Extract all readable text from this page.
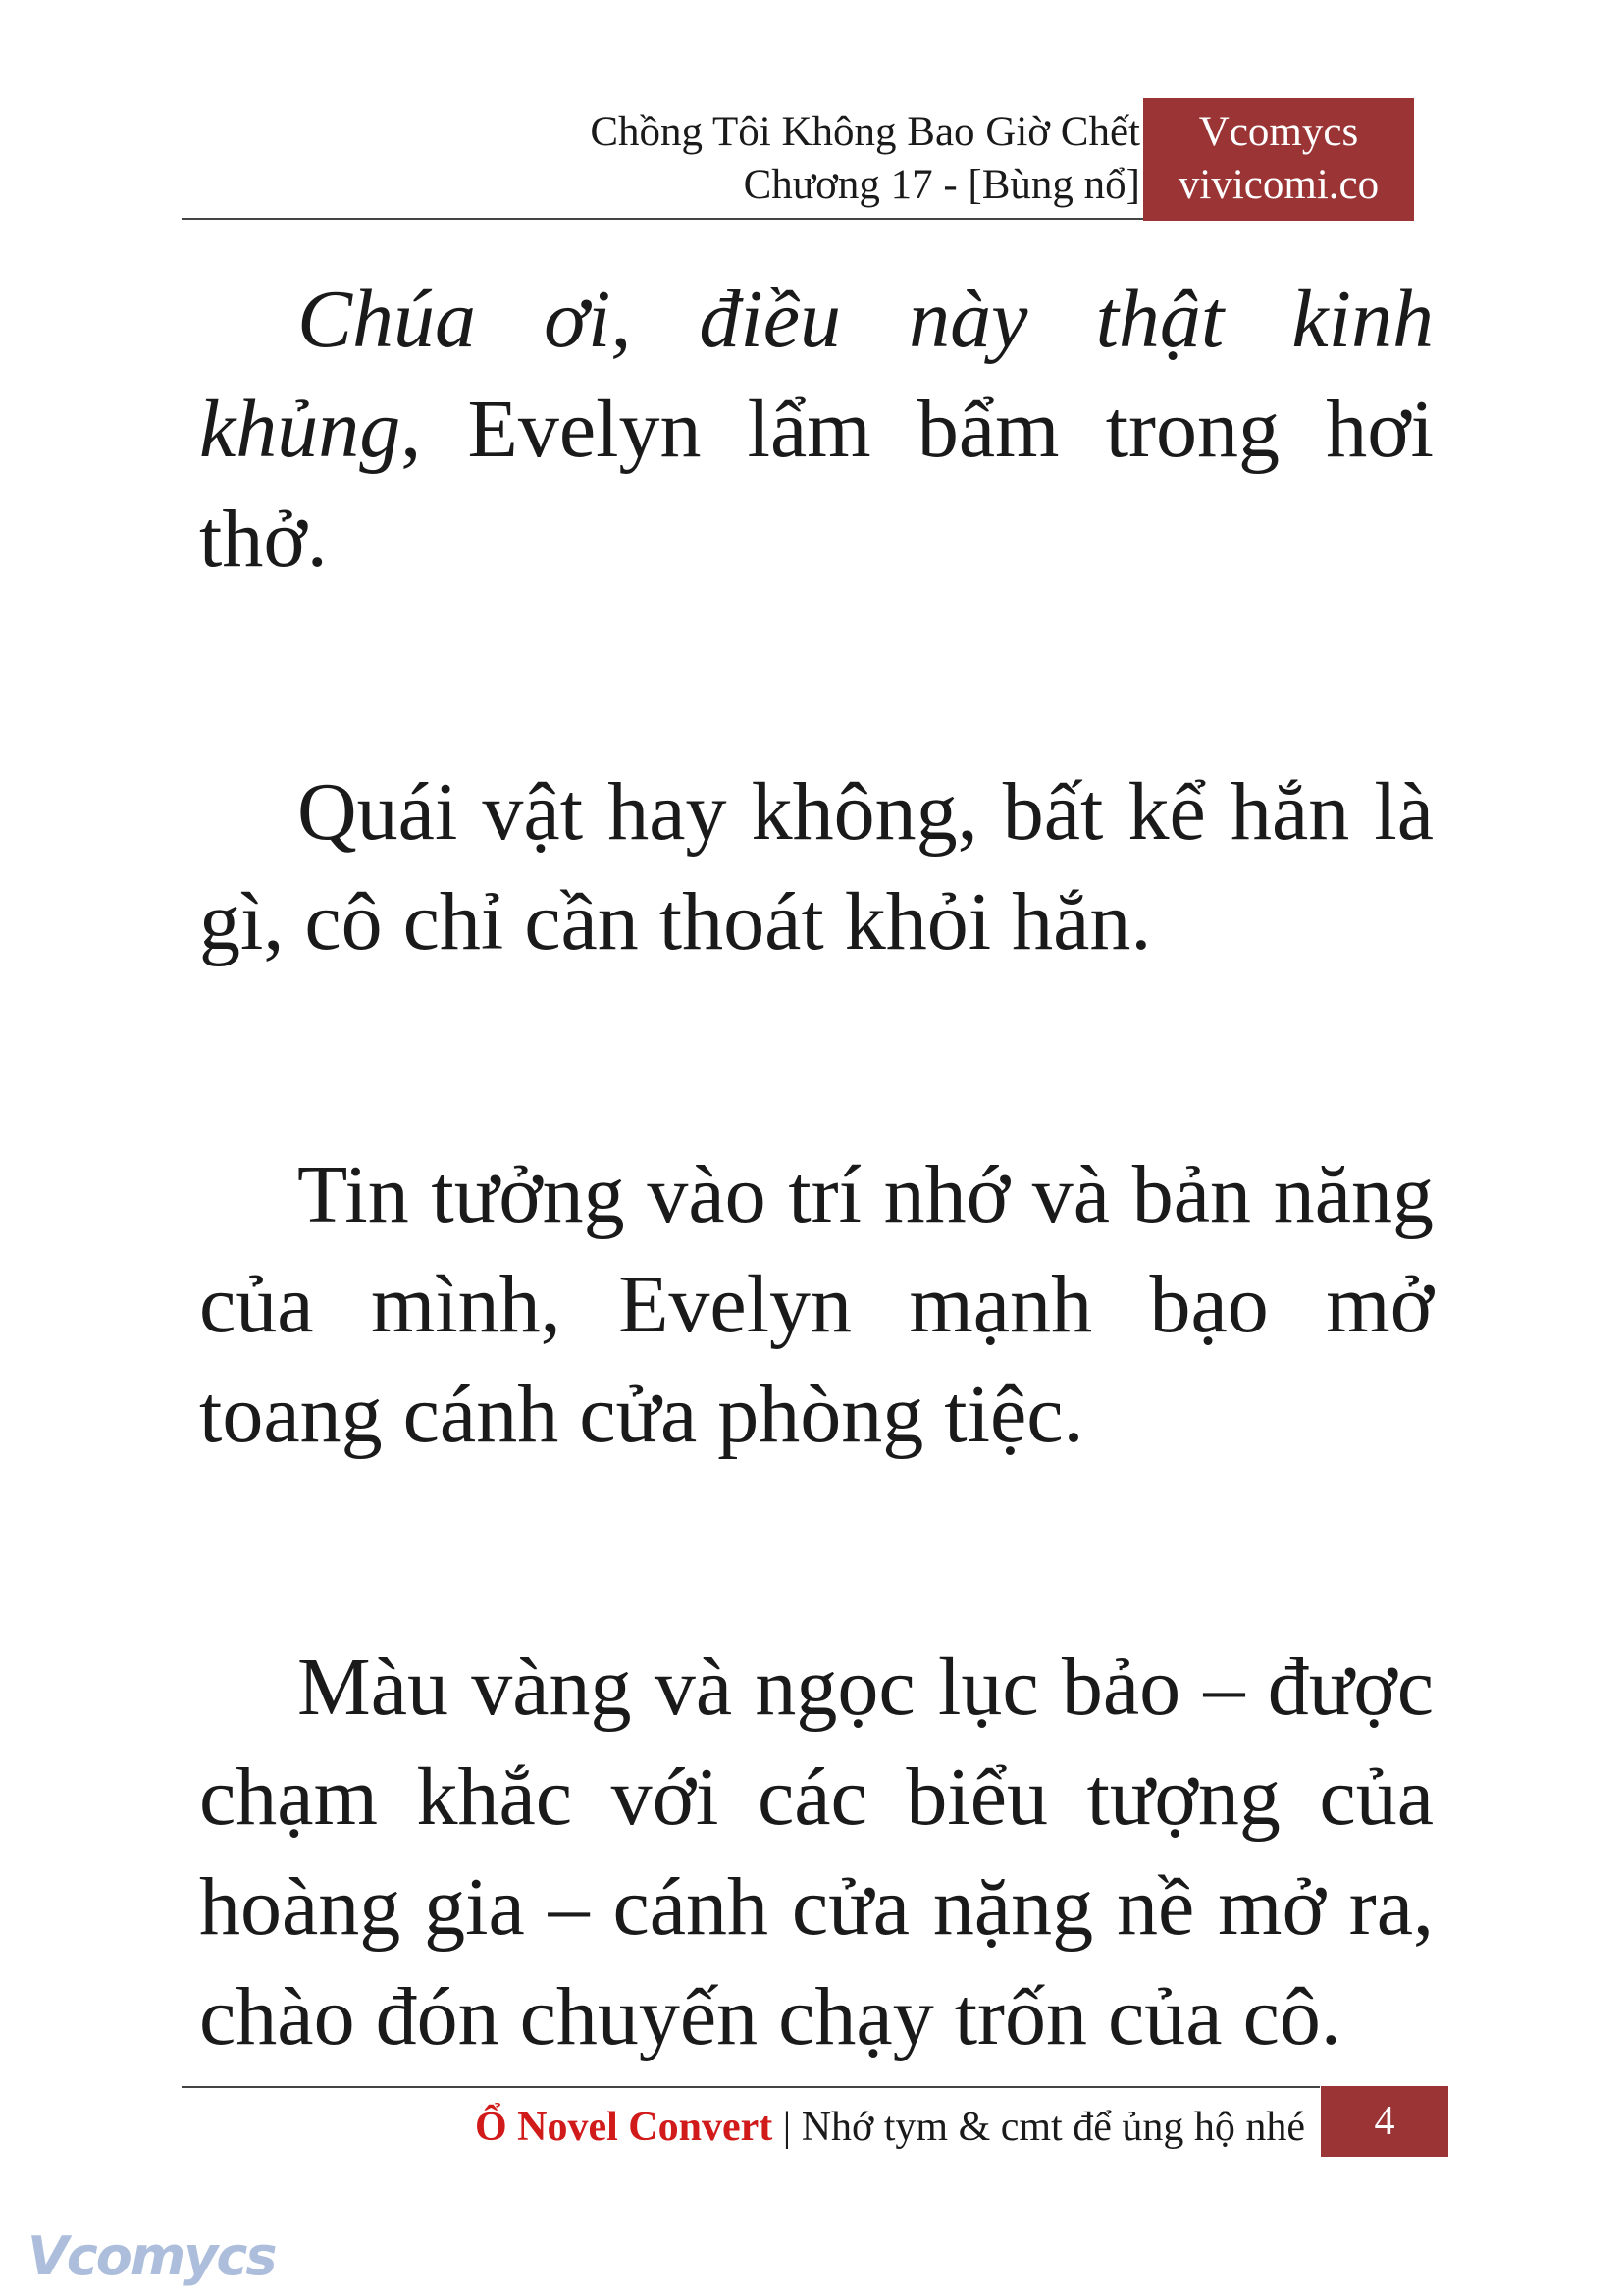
Chồng Tôi Không Bao Giờ Chết
Chương 17 - [Bùng nổ]
Vcomycs
vivicomi.co

Chúa ơi, điều này thật kinh khủng, Evelyn lẩm bẩm trong hơi thở.

Quái vật hay không, bất kể hắn là gì, cô chỉ cần thoát khỏi hắn.

Tin tưởng vào trí nhớ và bản năng của mình, Evelyn mạnh bạo mở toang cánh cửa phòng tiệc.

Màu vàng và ngọc lục bảo – được chạm khắc với các biểu tượng của hoàng gia – cánh cửa nặng nề mở ra, chào đón chuyến chạy trốn của cô.

Ổ Novel Convert | Nhớ tym & cmt để ủng hộ nhé	4
Vcomycs
